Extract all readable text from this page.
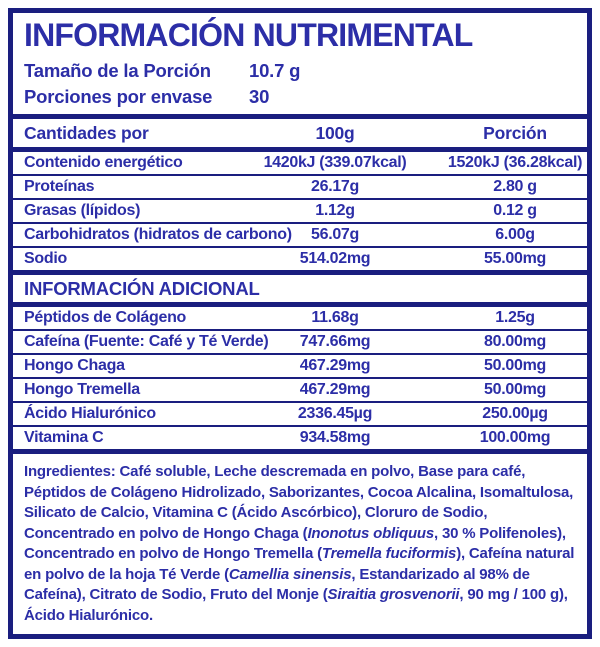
INFORMACIÓN NUTRIMENTAL
Tamaño de la Porción	10.7 g
Porciones por envase	30
Cantidades por	100g	Porción
Contenido energético	1420kJ (339.07kcal)	1520kJ (36.28kcal)
Proteínas	26.17g	2.80 g
Grasas (lípidos)	1.12g	0.12 g
Carbohidratos (hidratos de carbono) 56.07g	6.00g
Sodio	514.02mg	55.00mg
INFORMACIÓN ADICIONAL
Péptidos de Colágeno	11.68g	1.25g
Cafeína (Fuente: Café y Té Verde) 747.66mg	80.00mg
Hongo Chaga	467.29mg	50.00mg
Hongo Tremella	467.29mg	50.00mg
Ácido Hialurónico	2336.45µg	250.00µg
Vitamina C	934.58mg	100.00mg

Ingredientes: Café soluble, Leche descremada en polvo, Base para café, Péptidos de Colágeno Hidrolizado, Saborizantes, Cocoa Alcalina, Isomaltulosa, Silicato de Calcio, Vitamina C (Ácido Ascórbico), Cloruro de Sodio, Concentrado en polvo de Hongo Chaga (Inonotus obliquus, 30 % Polifenoles), Concentrado en polvo de Hongo Tremella (Tremella fuciformis), Cafeína natural en polvo de la hoja Té Verde (Camellia sinensis, Estandarizado al 98% de Cafeína), Citrato de Sodio, Fruto del Monje (Siraitia grosvenorii, 90 mg / 100 g), Ácido Hialurónico.
